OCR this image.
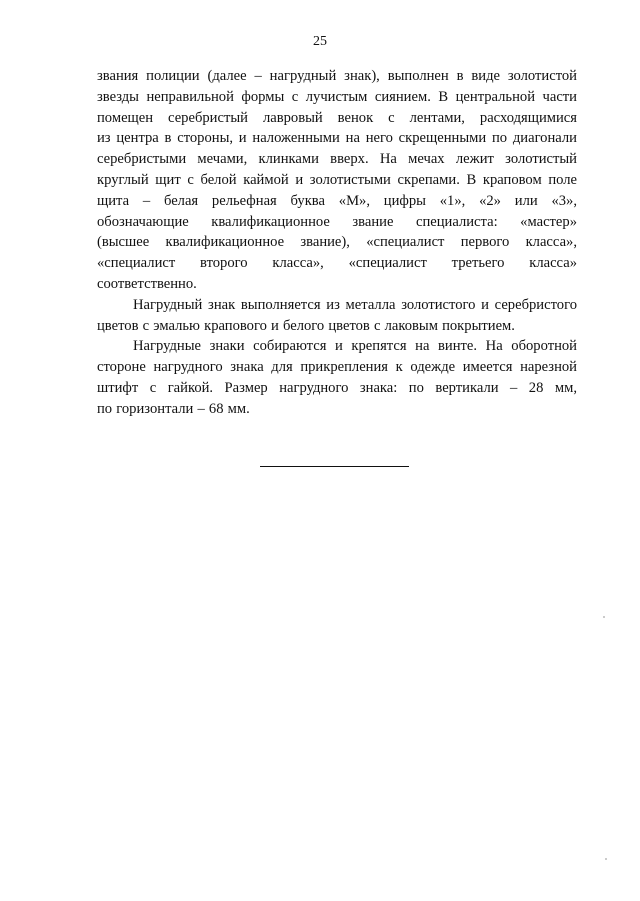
25
звания полиции (далее – нагрудный знак), выполнен в виде золотистой
звезды неправильной формы с лучистым сиянием. В центральной части
помещен серебристый лавровый венок с лентами, расходящимися
из центра в стороны, и наложенными на него скрещенными по диагонали
серебристыми мечами, клинками вверх. На мечах лежит золотистый
круглый щит с белой каймой и золотистыми скрепами. В краповом поле
щита – белая рельефная буква «М», цифры «1», «2» или «3»,
обозначающие квалификационное звание специалиста: «мастер»
(высшее квалификационное звание), «специалист первого класса»,
«специалист второго класса», «специалист третьего класса»
соответственно.
Нагрудный знак выполняется из металла золотистого и серебристого
цветов с эмалью крапового и белого цветов с лаковым покрытием.
Нагрудные знаки собираются и крепятся на винте. На оборотной
стороне нагрудного знака для прикрепления к одежде имеется нарезной
штифт с гайкой. Размер нагрудного знака: по вертикали – 28 мм,
по горизонтали – 68 мм.
